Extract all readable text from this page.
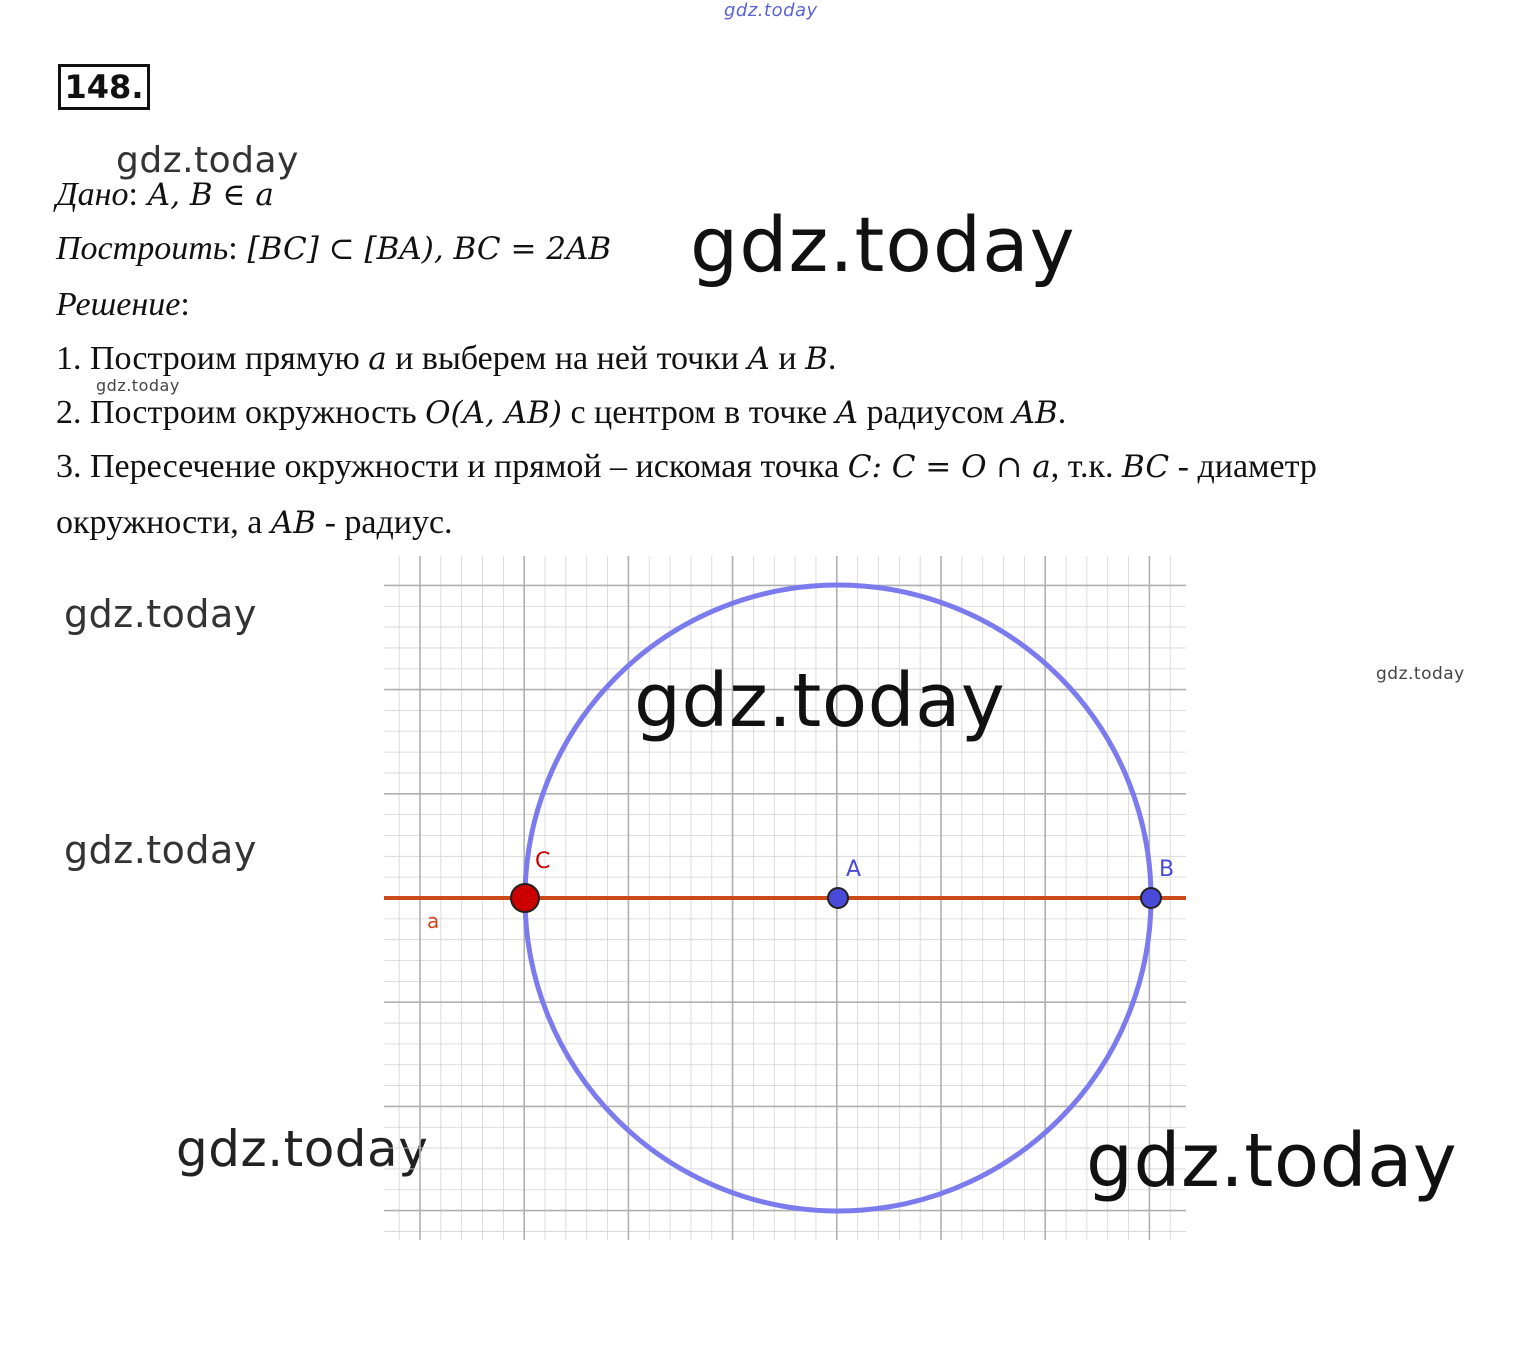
gdz.today
gdz.today
gdz.today
gdz.today
gdz.today
gdz.today
gdz.today
148.
Дано: A, B ∈ a
Построить: [BC] ⊂ [BA), BC = 2AB
Решение:
1. Построим прямую a и выберем на ней точки A и B.
2. Построим окружность O(A, AB) с центром в точке A радиусом AB.
3. Пересечение окружности и прямой – искомая точка C: C = O ∩ a, т.к. BC - диаметр
окружности, а AB - радиус.
a
C	A	B
gdz.today
gdz.today
gdz.today
